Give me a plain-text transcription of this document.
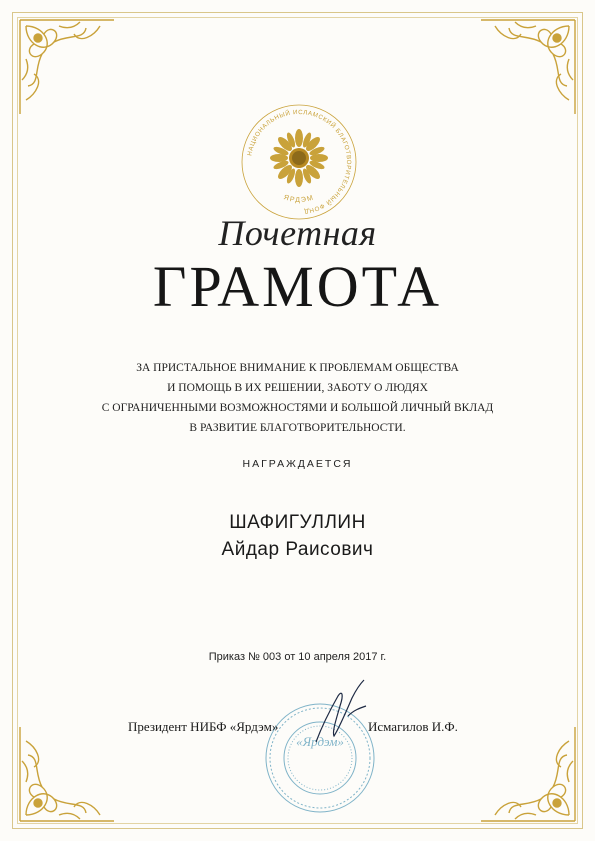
НАЦИОНАЛЬНЫЙ ИСЛАМСКИЙ БЛАГОТВОРИТЕЛЬНЫЙ ФОНД
ЯРДЭМ
Почетная
ГРАМОТА
ЗА ПРИСТАЛЬНОЕ ВНИМАНИЕ К ПРОБЛЕМАМ ОБЩЕСТВА
И ПОМОЩЬ В ИХ РЕШЕНИИ, ЗАБОТУ О ЛЮДЯХ
С ОГРАНИЧЕННЫМИ ВОЗМОЖНОСТЯМИ И БОЛЬШОЙ ЛИЧНЫЙ ВКЛАД
В РАЗВИТИЕ БЛАГОТВОРИТЕЛЬНОСТИ.
НАГРАЖДАЕТСЯ
ШАФИГУЛЛИН
Айдар Раисович
Приказ № 003 от 10 апреля 2017 г.
«Ярдэм»
Президент НИБФ «Ярдэм»	Исмагилов И.Ф.
